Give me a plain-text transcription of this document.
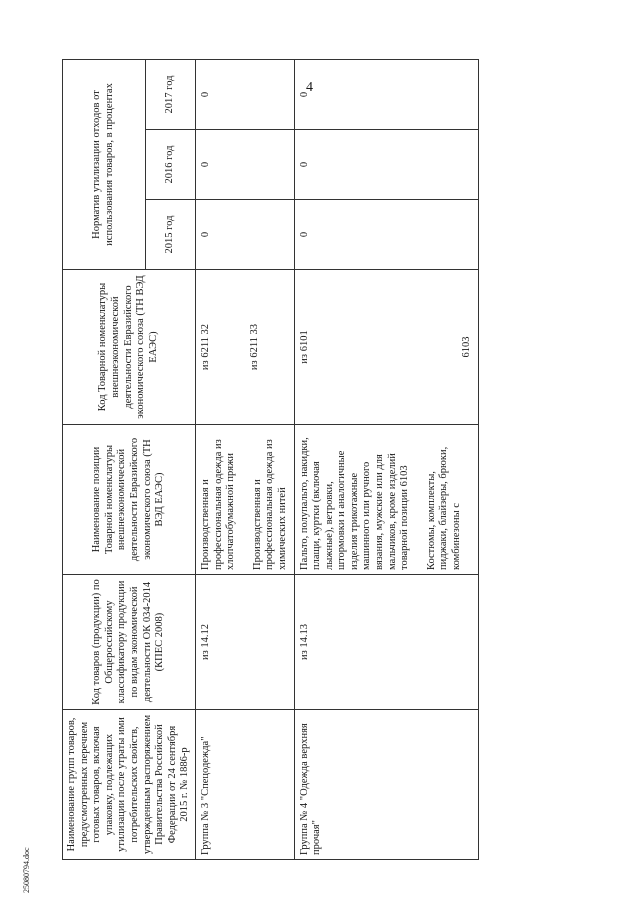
4
Наименование групп товаров, предусмотренных перечнем готовых товаров, включая упаковку, подлежащих утилизации после утраты ими потребительских свойств, утвержденным распоряжением Правительства Российской Федерации от 24 сентября 2015 г. № 1886-р	Код товаров (продукции) по Общероссийскому классификатору продукции по видам экономической деятельности ОК 034-2014 (КПЕС 2008)	Наименование позиции Товарной номенклатуры внешнеэкономической деятельности Евразийского экономического союза (ТН ВЭД ЕАЭС)	Код Товарной номенклатуры внешнеэкономической деятельности Евразийского экономического союза (ТН ВЭД ЕАЭС)	Норматив утилизации отходов от использования товаров, в процентах		
				2015 год	2016 год	2017 год
Группа № 3 "Спецодежда"	из 14.12	Производственная и профессиональная одежда из хлопчатобумажной пряжи Производственная и профессиональная одежда из химических нитей	из 6211 32 из 6211 33	0	0	0
Группа № 4 "Одежда верхняя прочая"	из 14.13	Пальто, полупальто, накидки, плащи, куртки (включая лыжные), ветровки, штормовки и аналогичные изделия трикотажные машинного или ручного вязания, мужские или для мальчиков, кроме изделий товарной позиции 6103 Костюмы, комплекты, пиджаки, блайзеры, брюки, комбинезоны с	из 6101 6103	0	0	0
25080794.doc
